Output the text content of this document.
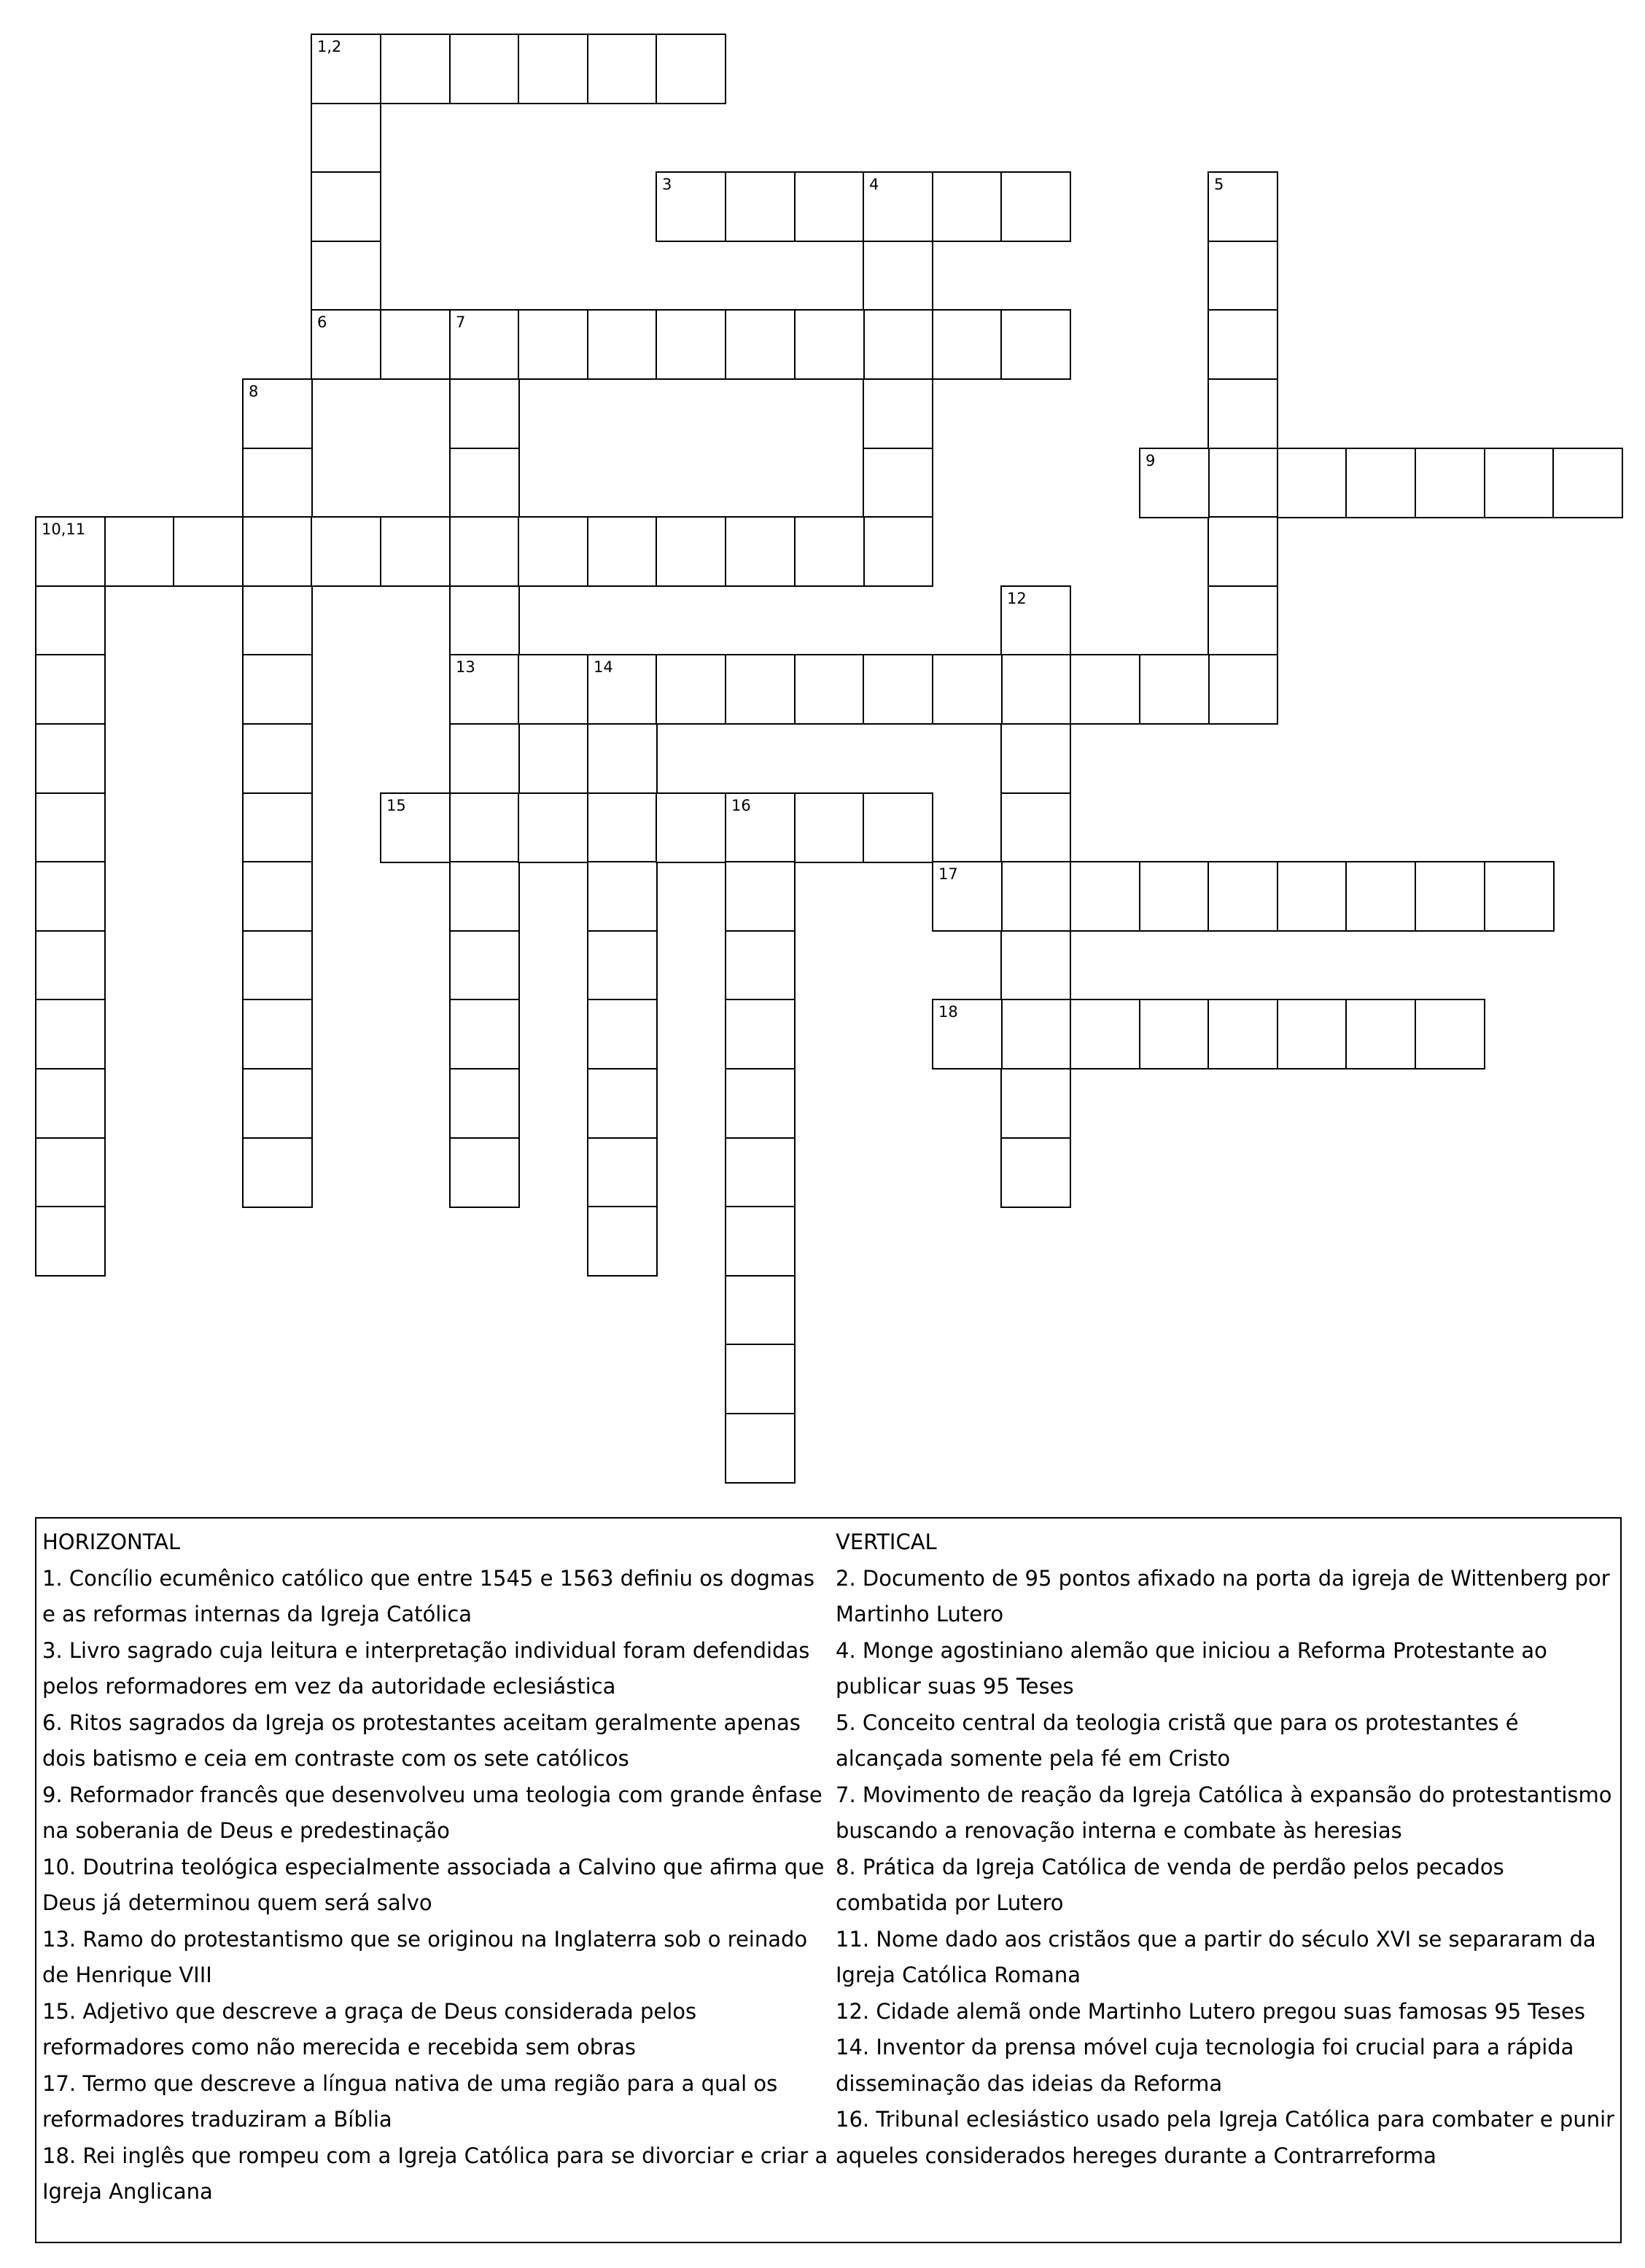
1,2
6
3	4	5
7
13
8
9
10,11
12
14
15	16
17
18
HORIZONTAL
1. Concílio ecumênico católico que entre 1545 e 1563 definiu os dogmas e as reformas internas da Igreja Católica
3. Livro sagrado cuja leitura e interpretação individual foram defendidas pelos reformadores em vez da autoridade eclesiástica
6. Ritos sagrados da Igreja os protestantes aceitam geralmente apenas dois batismo e ceia em contraste com os sete católicos
9. Reformador francês que desenvolveu uma teologia com grande ênfase na soberania de Deus e predestinação
10. Doutrina teológica especialmente associada a Calvino que afirma que Deus já determinou quem será salvo
13. Ramo do protestantismo que se originou na Inglaterra sob o reinado de Henrique VIII
15. Adjetivo que descreve a graça de Deus considerada pelos reformadores como não merecida e recebida sem obras
17. Termo que descreve a língua nativa de uma região para a qual os reformadores traduziram a Bíblia
18. Rei inglês que rompeu com a Igreja Católica para se divorciar e criar a Igreja Anglicana
VERTICAL
2. Documento de 95 pontos afixado na porta da igreja de Wittenberg por Martinho Lutero
4. Monge agostiniano alemão que iniciou a Reforma Protestante ao publicar suas 95 Teses
5. Conceito central da teologia cristã que para os protestantes é alcançada somente pela fé em Cristo
7. Movimento de reação da Igreja Católica à expansão do protestantismo buscando a renovação interna e combate às heresias
8. Prática da Igreja Católica de venda de perdão pelos pecados combatida por Lutero
11. Nome dado aos cristãos que a partir do século XVI se separaram da Igreja Católica Romana
12. Cidade alemã onde Martinho Lutero pregou suas famosas 95 Teses
14. Inventor da prensa móvel cuja tecnologia foi crucial para a rápida disseminação das ideias da Reforma
16. Tribunal eclesiástico usado pela Igreja Católica para combater e punir aqueles considerados hereges durante a Contrarreforma
